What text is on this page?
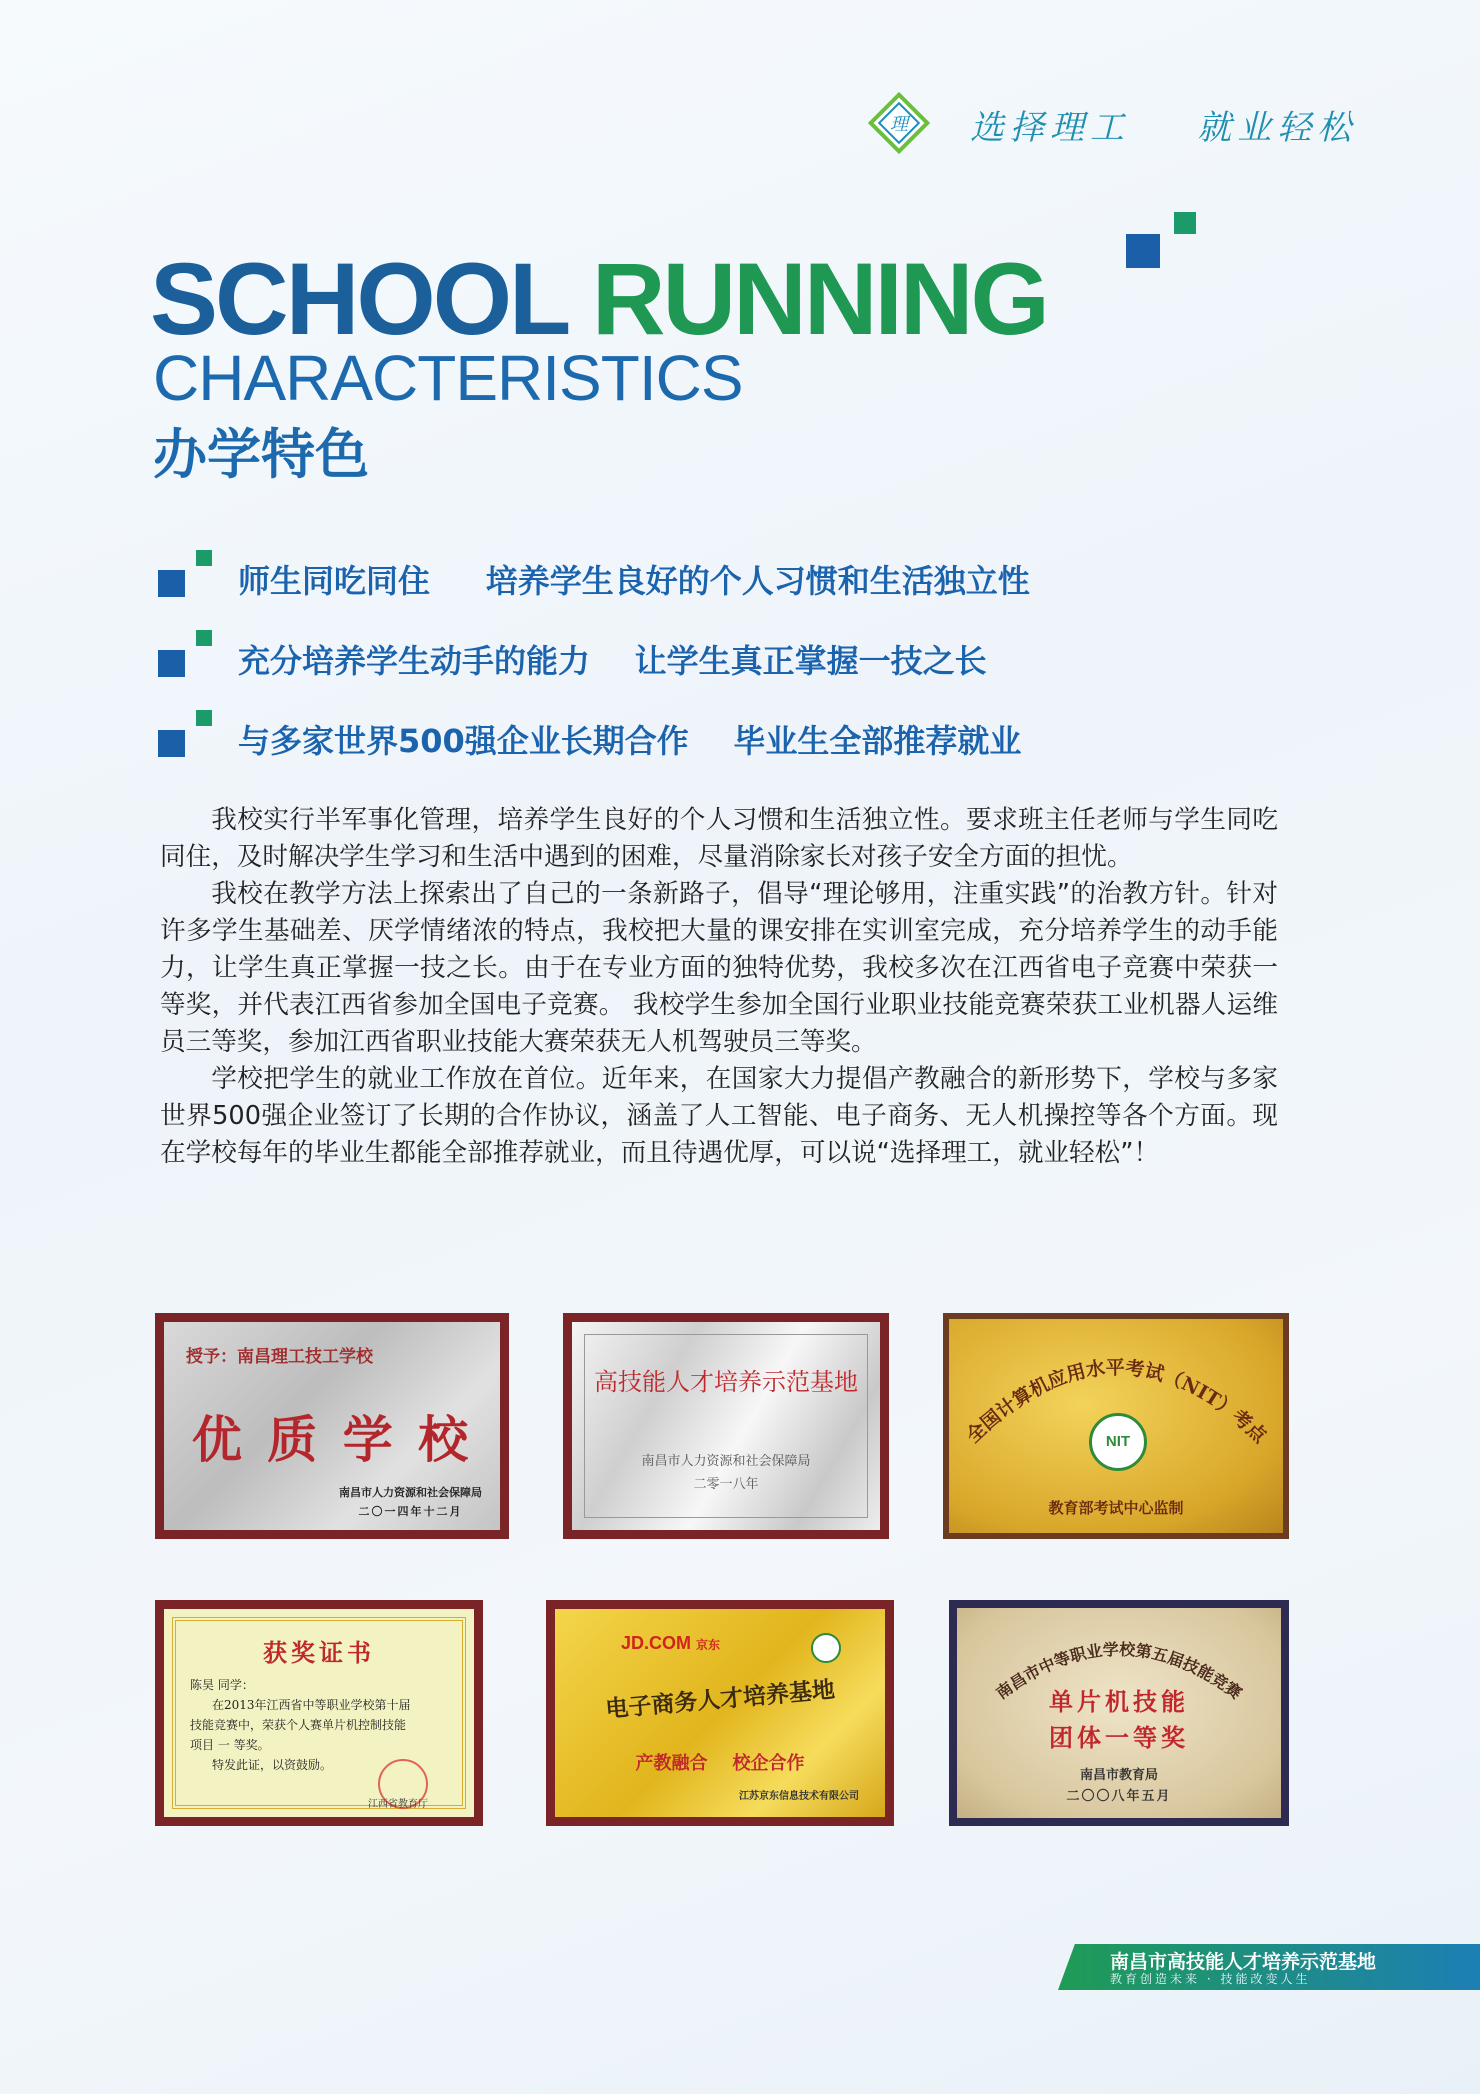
理 选择理工    就业轻松
SCHOOL RUNNING
CHARACTERISTICS
办学特色
师生同吃同住     培养学生良好的个人习惯和生活独立性
充分培养学生动手的能力    让学生真正掌握一技之长
与多家世界500强企业长期合作    毕业生全部推荐就业

我校实行半军事化管理，培养学生良好的个人习惯和生活独立性。要求班主任老师与学生同吃同住，及时解决学生学习和生活中遇到的困难，尽量消除家长对孩子安全方面的担忧。

我校在教学方法上探索出了自己的一条新路子，倡导“理论够用，注重实践”的治教方针。针对许多学生基础差、厌学情绪浓的特点，我校把大量的课安排在实训室完成，充分培养学生的动手能力，让学生真正掌握一技之长。由于在专业方面的独特优势，我校多次在江西省电子竞赛中荣获一等奖，并代表江西省参加全国电子竞赛。 我校学生参加全国行业职业技能竞赛荣获工业机器人运维员三等奖，参加江西省职业技能大赛荣获无人机驾驶员三等奖。

学校把学生的就业工作放在首位。近年来，在国家大力提倡产教融合的新形势下，学校与多家世界500强企业签订了长期的合作协议，涵盖了人工智能、电子商务、无人机操控等各个方面。现在学校每年的毕业生都能全部推荐就业，而且待遇优厚，可以说“选择理工，就业轻松”！

授予：南昌理工技工学校
优 质 学 校
南昌市人力资源和社会保障局
二〇一四年十二月
高技能人才培养示范基地
南昌市人力资源和社会保障局
二零一八年
全国计算机应用水平考试（NIT）考点
NIT
教育部考试中心监制
获奖证书
陈昊 同学：
在2013年江西省中等职业学校第十届
技能竞赛中，荣获个人赛单片机控制技能
项目 一 等奖。
特发此证，以资鼓励。
江西省教育厅
JD.COM 京东
电子商务人才培养基地
产教融合    校企合作
江苏京东信息技术有限公司
南昌市中等职业学校第五届技能竞赛
单片机技能
团体一等奖
南昌市教育局
二〇〇八年五月
南昌市高技能人才培养示范基地
教育创造未来 · 技能改变人生
